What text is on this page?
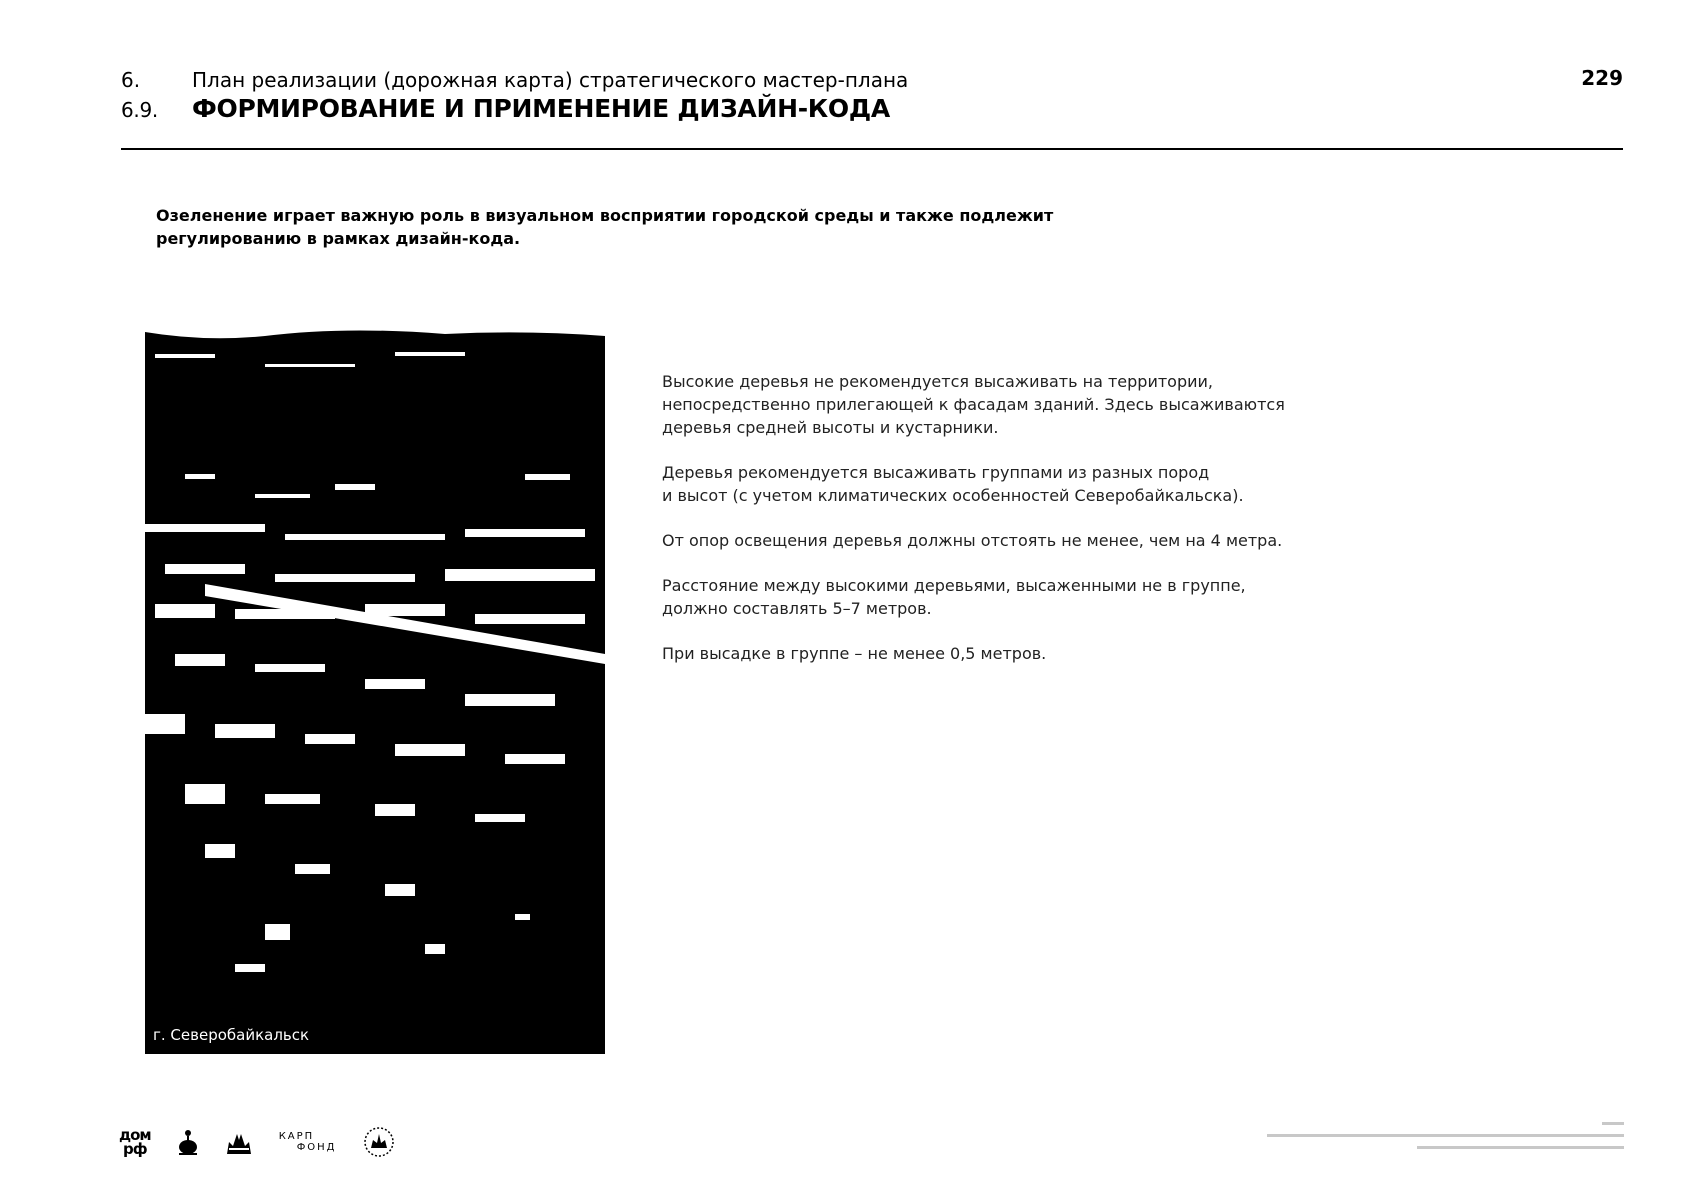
6.	План реализации (дорожная карта) стратегического мастер-плана
6.9.	ФОРМИРОВАНИЕ И ПРИМЕНЕНИЕ ДИЗАЙН-КОДА
229
Озеленение играет важную роль в визуальном восприятии городской среды и также подлежит
регулированию в рамках дизайн-кода.
г. Северобайкальск

Высокие деревья не рекомендуется высаживать на территории,
непосредственно прилегающей к фасадам зданий. Здесь высаживаются
деревья средней высоты и кустарники.

Деревья рекомендуется высаживать группами из разных пород
и высот (с учетом климатических особенностей Северобайкальска).

От опор освещения деревья должны отстоять не менее, чем на 4 метра.

Расстояние между высокими деревьями, высаженными не в группе,
должно составлять 5–7 метров.

При высадке в группе – не менее 0,5 метров.

дом
рф
КАРП
ФОНД
